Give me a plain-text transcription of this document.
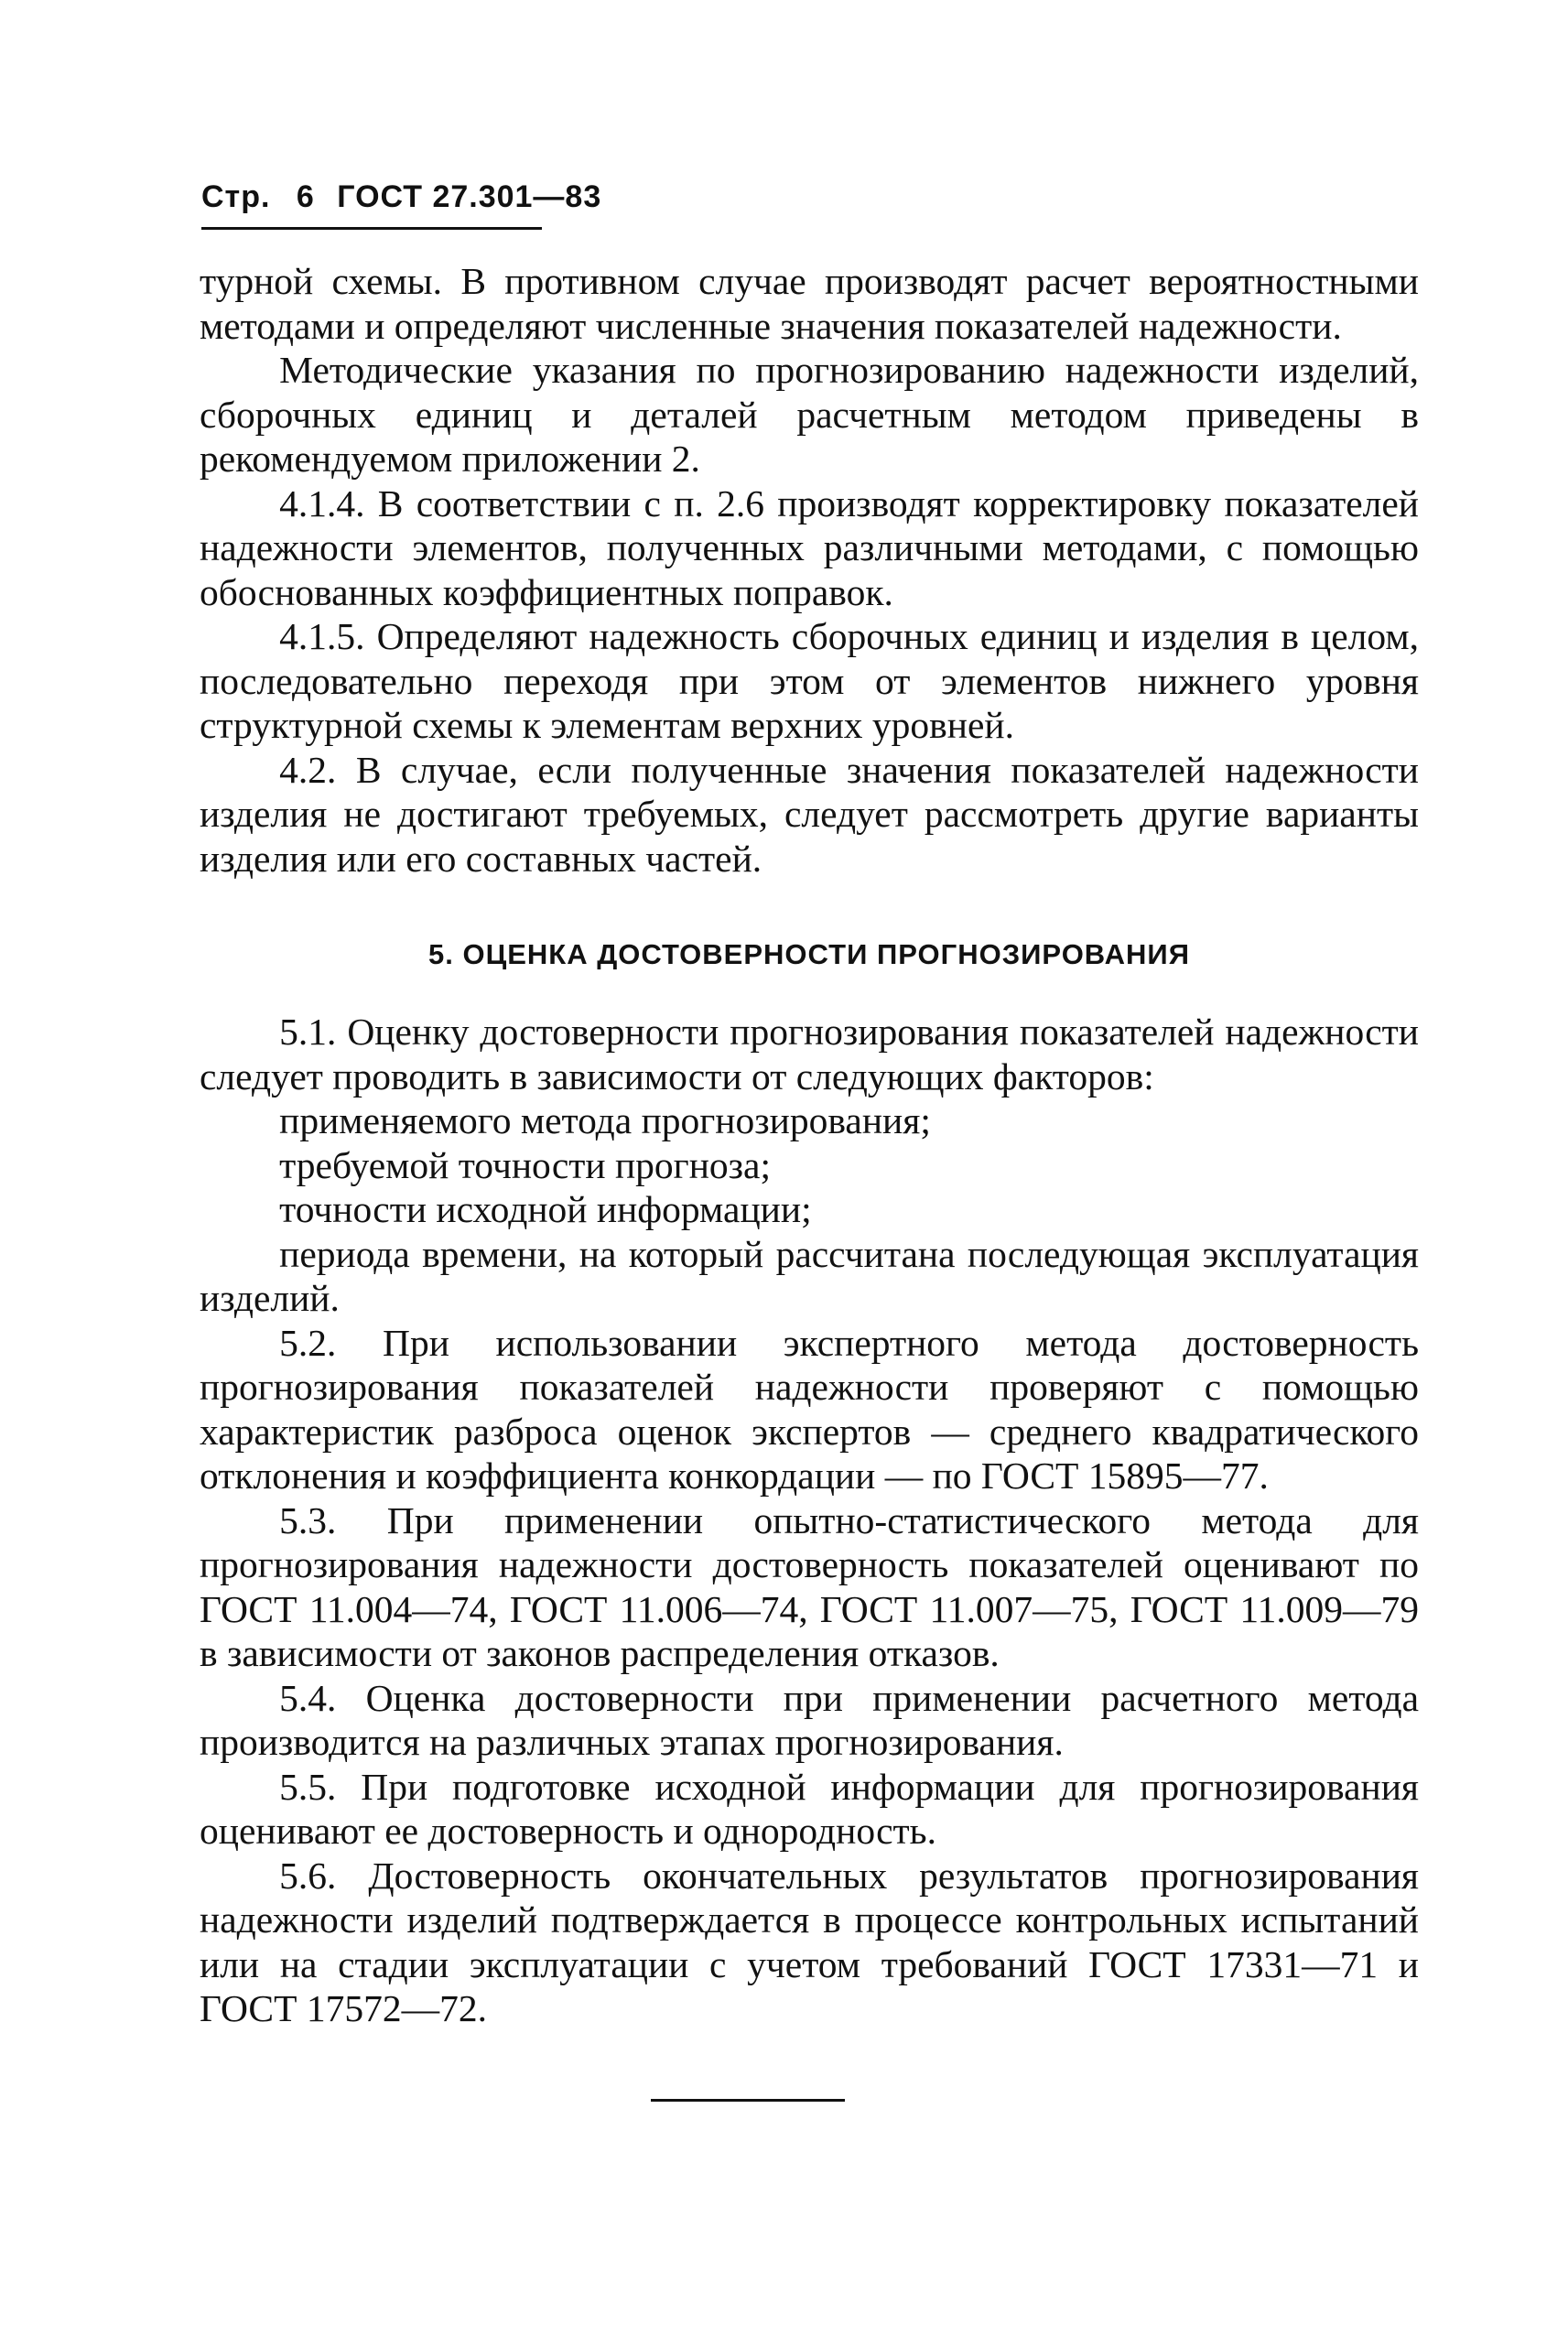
Стр. 6 ГОСТ 27.301—83

турной схемы. В противном случае производят расчет вероятностными методами и определяют численные значения показателей надежности.

Методические указания по прогнозированию надежности изделий, сборочных единиц и деталей расчетным методом приведены в рекомендуемом приложении 2.

4.1.4. В соответствии с п. 2.6 производят корректировку показателей надежности элементов, полученных различными методами, с помощью обоснованных коэффициентных поправок.

4.1.5. Определяют надежность сборочных единиц и изделия в целом, последовательно переходя при этом от элементов нижнего уровня структурной схемы к элементам верхних уровней.

4.2. В случае, если полученные значения показателей надежности изделия не достигают требуемых, следует рассмотреть другие варианты изделия или его составных частей.

5. ОЦЕНКА ДОСТОВЕРНОСТИ ПРОГНОЗИРОВАНИЯ

5.1. Оценку достоверности прогнозирования показателей надежности следует проводить в зависимости от следующих факторов:

применяемого метода прогнозирования;

требуемой точности прогноза;

точности исходной информации;

периода времени, на который рассчитана последующая эксплуатация изделий.

5.2. При использовании экспертного метода достоверность прогнозирования показателей надежности проверяют с помощью характеристик разброса оценок экспертов — среднего квадратического отклонения и коэффициента конкордации — по ГОСТ 15895—77.

5.3. При применении опытно-статистического метода для прогнозирования надежности достоверность показателей оценивают по ГОСТ 11.004—74, ГОСТ 11.006—74, ГОСТ 11.007—75, ГОСТ 11.009—79 в зависимости от законов распределения отказов.

5.4. Оценка достоверности при применении расчетного метода производится на различных этапах прогнозирования.

5.5. При подготовке исходной информации для прогнозирования оценивают ее достоверность и однородность.

5.6. Достоверность окончательных результатов прогнозирования надежности изделий подтверждается в процессе контрольных испытаний или на стадии эксплуатации с учетом требований ГОСТ 17331—71 и ГОСТ 17572—72.
